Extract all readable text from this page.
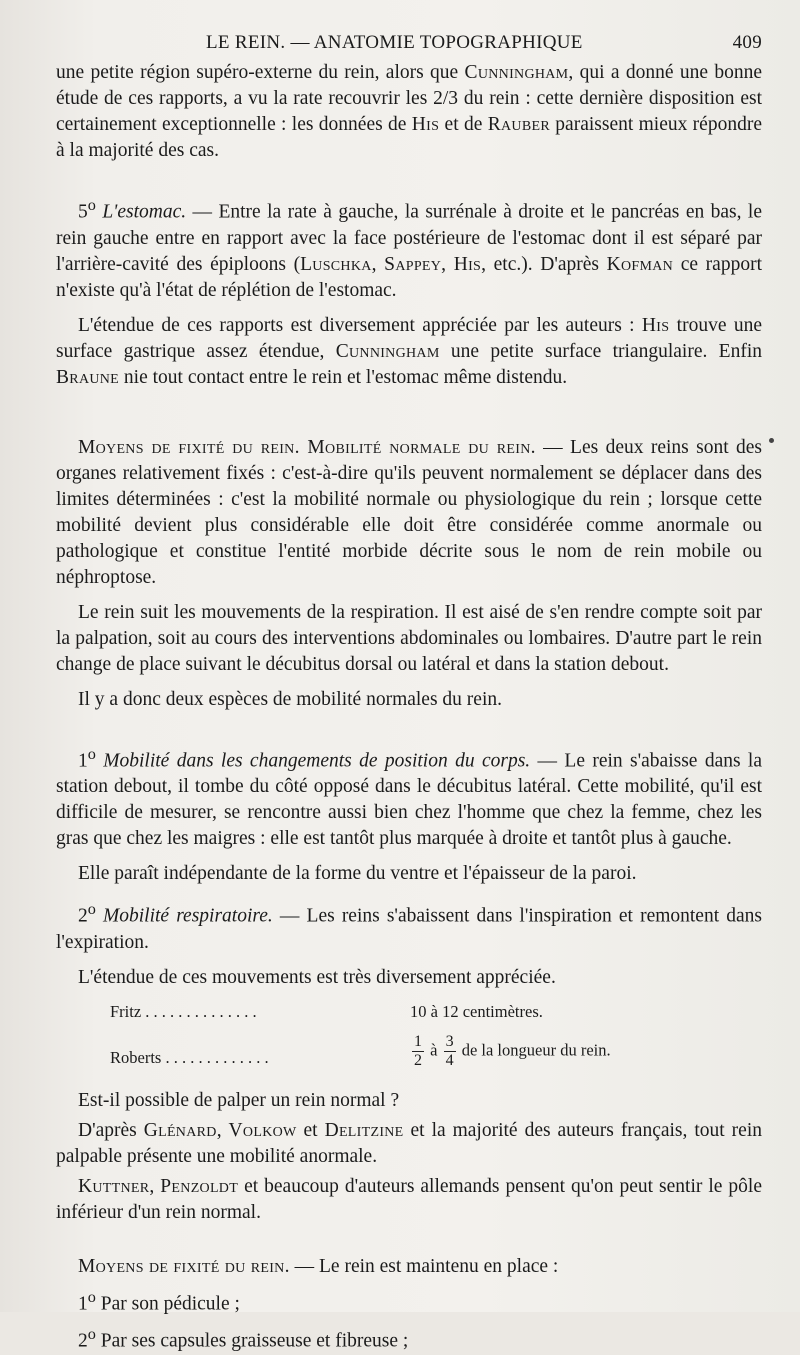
LE REIN. — ANATOMIE TOPOGRAPHIQUE	409

une petite région supéro-externe du rein, alors que Cunningham, qui a donné une bonne étude de ces rapports, a vu la rate recouvrir les 2/3 du rein : cette dernière disposition est certainement exceptionnelle : les données de His et de Rauber paraissent mieux répondre à la majorité des cas.

5$^o$ L'estomac. — Entre la rate à gauche, la surrénale à droite et le pancréas en bas, le rein gauche entre en rapport avec la face postérieure de l'estomac dont il est séparé par l'arrière-cavité des épiploons (Luschka, Sappey, His, etc.). D'après Kofman ce rapport n'existe qu'à l'état de réplétion de l'estomac.

L'étendue de ces rapports est diversement appréciée par les auteurs : His trouve une surface gastrique assez étendue, Cunningham une petite surface triangulaire. Enfin Braune nie tout contact entre le rein et l'estomac même distendu.

Moyens de fixité du rein. Mobilité normale du rein. — Les deux reins sont des organes relativement fixés : c'est-à-dire qu'ils peuvent normalement se déplacer dans des limites déterminées : c'est la mobilité normale ou physiologique du rein ; lorsque cette mobilité devient plus considérable elle doit être considérée comme anormale ou pathologique et constitue l'entité morbide décrite sous le nom de rein mobile ou néphroptose.

Le rein suit les mouvements de la respiration. Il est aisé de s'en rendre compte soit par la palpation, soit au cours des interventions abdominales ou lombaires. D'autre part le rein change de place suivant le décubitus dorsal ou latéral et dans la station debout.

Il y a donc deux espèces de mobilité normales du rein.

1$^o$ Mobilité dans les changements de position du corps. — Le rein s'abaisse dans la station debout, il tombe du côté opposé dans le décubitus latéral. Cette mobilité, qu'il est difficile de mesurer, se rencontre aussi bien chez l'homme que chez la femme, chez les gras que chez les maigres : elle est tantôt plus marquée à droite et tantôt plus à gauche.

Elle paraît indépendante de la forme du ventre et l'épaisseur de la paroi.

2$^o$ Mobilité respiratoire. — Les reins s'abaissent dans l'inspiration et remontent dans l'expiration.

L'étendue de ces mouvements est très diversement appréciée.

Fritz . . . . . . . . . . . . . .	10 à 12 centimètres.
Roberts . . . . . . . . . . . . .	$\frac{1}{2}$ à $\frac{3}{4}$ de la longueur du rein.

Est-il possible de palper un rein normal ?

D'après Glénard, Volkow et Delitzine et la majorité des auteurs français, tout rein palpable présente une mobilité anormale.

Kuttner, Penzoldt et beaucoup d'auteurs allemands pensent qu'on peut sentir le pôle inférieur d'un rein normal.

Moyens de fixité du rein. — Le rein est maintenu en place :

1$^o$ Par son pédicule ;

2$^o$ Par ses capsules graisseuse et fibreuse ;
